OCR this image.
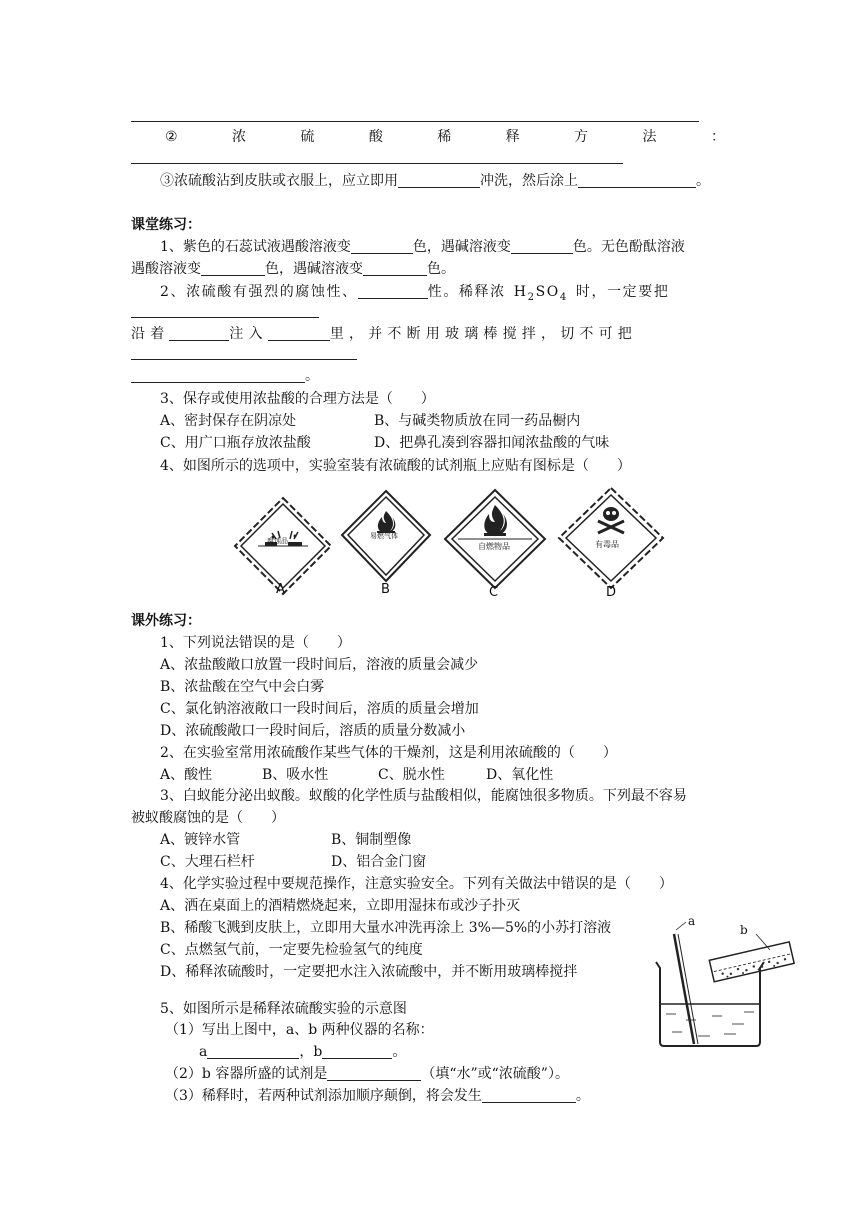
②	浓	硫	酸	稀	释	方	法	：
③浓硫酸沾到皮肤或衣服上，应立即用	冲洗，然后涂上	。
课堂练习：
1、紫色的石蕊试液遇酸溶液变	色，遇碱溶液变	色。无色酚酞溶液
遇酸溶液变	色，遇碱溶液变	色。
2、浓硫酸有强烈的腐蚀性、	性。稀释浓 $H_2SO_4$ 时，一定要把
沿着	注入	里，并不断用玻璃棒搅拌，切不可把
。
3、保存或使用浓盐酸的合理方法是（　　）
A、密封保存在阴凉处	B、与碱类物质放在同一药品橱内
C、用广口瓶存放浓盐酸	D、把鼻孔凑到容器扣闻浓盐酸的气味
4、如图所示的选项中，实验室装有浓硫酸的试剂瓶上应贴有图标是（　　）
腐蚀品
易燃气体
自燃物品	有毒品
A	B	C	D
课外练习：
1、下列说法错误的是（　　）
A、浓盐酸敞口放置一段时间后，溶液的质量会减少
B、浓盐酸在空气中会白雾
C、氯化钠溶液敞口一段时间后，溶质的质量会增加
D、浓硫酸敞口一段时间后，溶质的质量分数减小
2、在实验室常用浓硫酸作某些气体的干燥剂，这是利用浓硫酸的（　　）
A、酸性	B、吸水性	C、脱水性	D、氧化性
3、白蚁能分泌出蚁酸。蚁酸的化学性质与盐酸相似，能腐蚀很多物质。下列最不容易
被蚁酸腐蚀的是（　　）
A、镀锌水管	B、铜制塑像
C、大理石栏杆	D、铝合金门窗
4、化学实验过程中要规范操作，注意实验安全。下列有关做法中错误的是（　　）
A、洒在桌面上的酒精燃烧起来，立即用湿抹布或沙子扑灭
B、稀酸飞溅到皮肤上，立即用大量水冲洗再涂上 3%—5%的小苏打溶液
C、点燃氢气前，一定要先检验氢气的纯度
D、稀释浓硫酸时，一定要把水注入浓硫酸中，并不断用玻璃棒搅拌
5、如图所示是稀释浓硫酸实验的示意图
（1）写出上图中，a、b 两种仪器的名称：
a	，b	。
（2）b 容器所盛的试剂是	（填“水”或“浓硫酸”）。
（3）稀释时，若两种试剂添加顺序颠倒，将会发生	。
a
b
